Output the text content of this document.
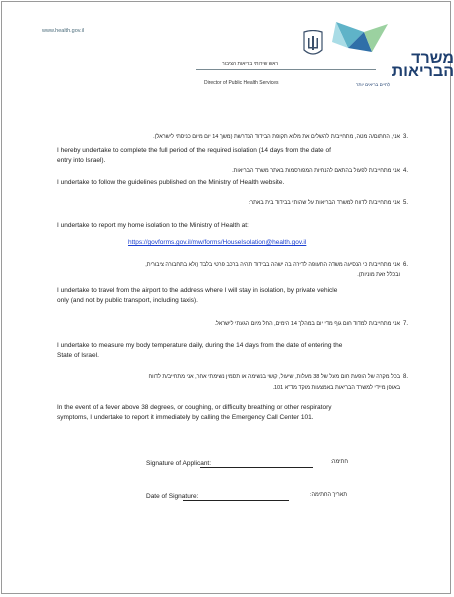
www.health.gov.il
משרד הבריאות
לחיים בריאים יותר
ראש שירותי בריאות הציבור
Director of Public Health Services
3.
אני, החתום/ה מטה, מתחייב/ת להשלים את מלוא תקופת הבידוד הנדרשת (משך 14 יום מיום כניסתי לישראל).
I hereby undertake to complete the full period of the required isolation (14 days from the date of
entry into Israel).
4.
אני מתחייב/ת לפעול בהתאם להנחיות המפורסמות באתר משרד הבריאות.
I undertake to follow the guidelines published on the Ministry of Health website.
5.
אני מתחייב/ת לדווח למשרד הבריאות על שהותי בבידוד בית באתר:
I undertake to report my home isolation to the Ministry of Health at:
https://govforms.gov.il/mw/forms/HouseIsolation@health.gov.il
6.
אני מתחייב/ת כי הנסיעה משדה התעופה לדירה בה ישהה בבידוד תהיה ברכב פרטי בלבד (ולא בתחבורה ציבורית,
ובכלל זאת מוניות).
I undertake to travel from the airport to the address where I will stay in isolation, by private vehicle
only (and not by public transport, including taxis).
7.
אני מתחייב/ת למדוד חום גוף מדי יום במהלך 14 הימים, החל מיום הגעתי לישראל.
I undertake to measure my body temperature daily, during the 14 days from the date of entering the
State of Israel.
8.
בכל מקרה של הופעת חום מעל של 38 מעלות, שיעול, קושי בנשימה או תסמין נשימתי אחר, אני מתחייב/ת לדווח
באופן מיידי למשרד הבריאות באמצעות מוקד מד"א 101.
In the event of a fever above 38 degrees, or coughing, or difficulty breathing or other respiratory
symptoms, I undertake to report it immediately by calling the Emergency Call Center 101.
Signature of Applicant:	חתימה:
Date of Signature:	תאריך החתימה:
